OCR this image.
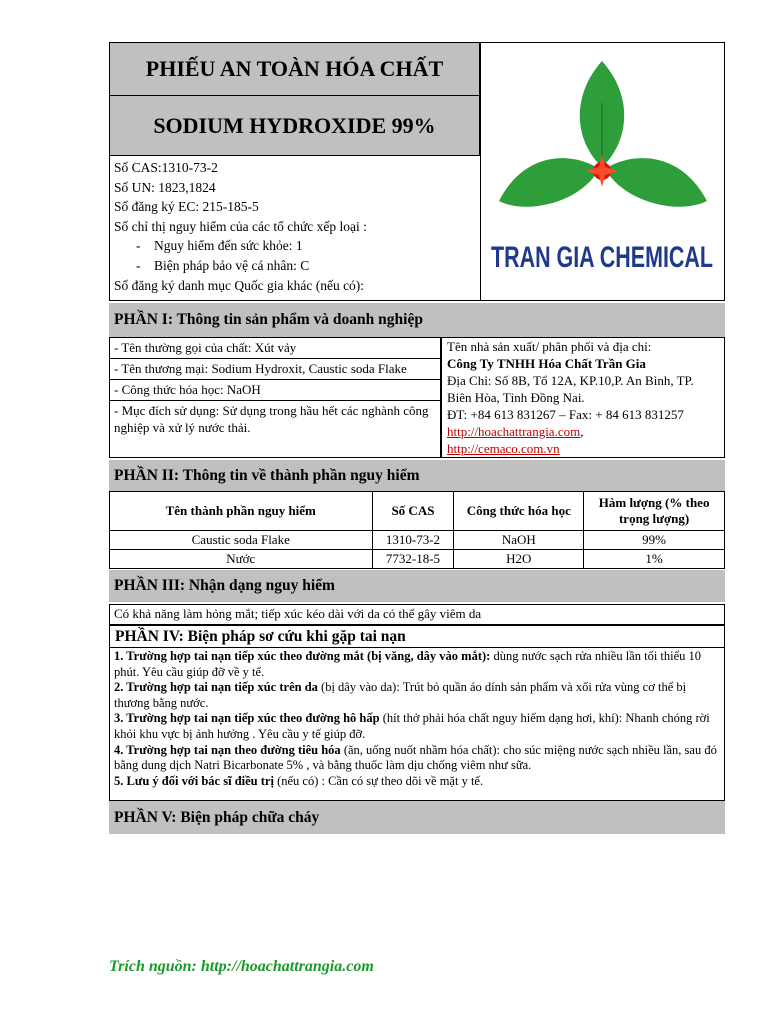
PHIẾU AN TOÀN HÓA CHẤT
SODIUM HYDROXIDE 99%
TRAN GIA CHEMICAL
Số CAS:1310-73-2
Số UN: 1823,1824
Số đăng ký EC: 215-185-5
Số chỉ thị nguy hiểm của các tổ chức xếp loại :
-    Nguy hiểm đến sức khỏe: 1
-    Biện pháp bảo vệ cá nhân: C
Số đăng ký danh mục Quốc gia khác (nếu có):
PHẦN I: Thông tin sản phẩm và doanh nghiệp
- Tên thường gọi của chất: Xút vảy
- Tên thương mại: Sodium Hydroxit, Caustic soda Flake
- Công thức hóa học: NaOH
- Mục đích sử dụng: Sử dụng trong hầu hết các nghành công nghiệp và xử lý nước thải.
Tên nhà sản xuất/ phân phối và địa chỉ:
Công Ty TNHH Hóa Chất Trần Gia
Địa Chỉ: Số 8B, Tổ 12A, KP.10,P. An Bình, TP. Biên Hòa, Tỉnh Đồng Nai.
ĐT: +84 613 831267 – Fax: + 84 613 831257
http://hoachattrangia.com,
http://cemaco.com.vn
PHẦN II: Thông tin về thành phần nguy hiểm
Tên thành phần nguy hiểm	Số CAS	Công thức hóa học	Hàm lượng (% theo trọng lượng)
Caustic soda Flake	1310-73-2	NaOH	99%
Nước	7732-18-5	H2O	1%
PHẦN III: Nhận dạng nguy hiểm
Có khả năng làm hỏng mắt; tiếp xúc kéo dài với da có thể gây viêm da
PHẦN IV: Biện pháp sơ cứu khi gặp tai nạn
1. Trường hợp tai nạn tiếp xúc theo đường mắt (bị văng, dây vào mắt): dùng nước sạch rửa nhiều lần tối thiểu 10 phút. Yêu cầu giúp đỡ về y tế.
2. Trường hợp tai nạn tiếp xúc trên da (bị dây vào da): Trút bỏ quần áo dính sản phẩm và xối rửa vùng cơ thể bị thương bằng nước.
3. Trường hợp tai nạn tiếp xúc theo đường hô hấp (hít thở phải hóa chất nguy hiểm dạng hơi, khí): Nhanh chóng rời khỏi khu vực bị ảnh hưởng . Yêu cầu y tế giúp đỡ.
4. Trường hợp tai nạn theo đường tiêu hóa (ăn, uống nuốt nhầm hóa chất): cho súc miệng nước sạch nhiều lần, sau đó bằng dung dịch Natri Bicarbonate 5% , và bằng thuốc làm dịu chống viêm như sữa.
5. Lưu ý đối với bác sĩ điều trị (nếu có) : Cần có sự theo dõi về mặt y tế.
PHẦN V: Biện pháp chữa cháy
Trích nguồn: http://hoachattrangia.com
